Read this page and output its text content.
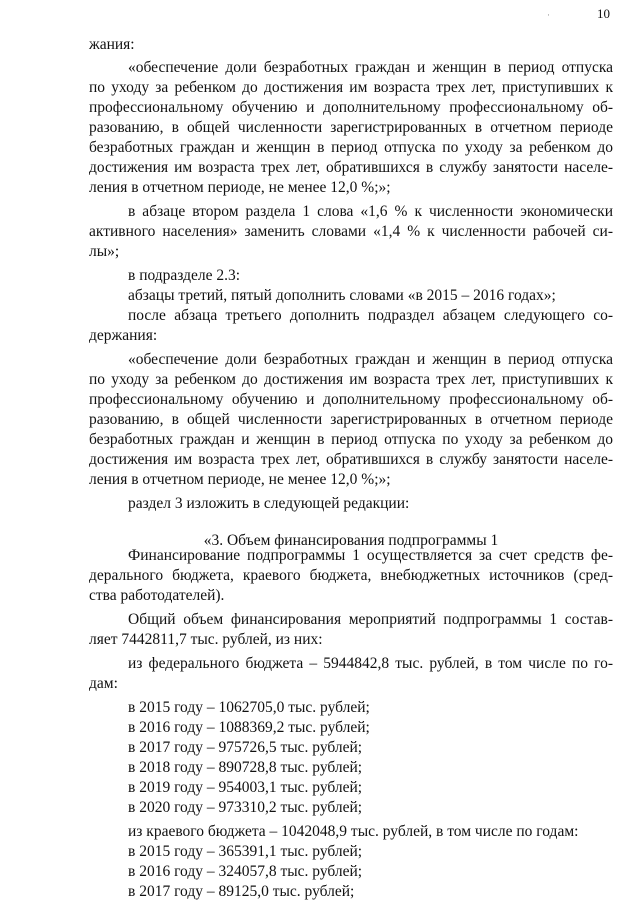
·	10
жания:
«обеспечение доли безработных граждан и женщин в период отпуска
по уходу за ребенком до достижения им возраста трех лет, приступивших к
профессиональному обучению и дополнительному профессиональному об-
разованию, в общей численности зарегистрированных в отчетном периоде
безработных граждан и женщин в период отпуска по уходу за ребенком до
достижения им возраста трех лет, обратившихся в службу занятости населе-
ления в отчетном периоде, не менее 12,0 %;»;
в абзаце втором раздела 1 слова «1,6 % к численности экономически
активного населения» заменить словами «1,4 % к численности рабочей си-
лы»;
в подразделе 2.3:
абзацы третий, пятый дополнить словами «в 2015 – 2016 годах»;
после абзаца третьего дополнить подраздел абзацем следующего со-
держания:
«обеспечение доли безработных граждан и женщин в период отпуска
по уходу за ребенком до достижения им возраста трех лет, приступивших к
профессиональному обучению и дополнительному профессиональному об-
разованию, в общей численности зарегистрированных в отчетном периоде
безработных граждан и женщин в период отпуска по уходу за ребенком до
достижения им возраста трех лет, обратившихся в службу занятости населе-
ления в отчетном периоде, не менее 12,0 %;»;
раздел 3 изложить в следующей редакции:
«3. Объем финансирования подпрограммы 1
Финансирование подпрограммы 1 осуществляется за счет средств фе-
дерального бюджета, краевого бюджета, внебюджетных источников (сред-
ства работодателей).
Общий объем финансирования мероприятий подпрограммы 1 состав-
ляет 7442811,7 тыс. рублей, из них:
из федерального бюджета – 5944842,8 тыс. рублей, в том числе по го-
дам:
в 2015 году – 1062705,0 тыс. рублей;
в 2016 году – 1088369,2 тыс. рублей;
в 2017 году – 975726,5 тыс. рублей;
в 2018 году – 890728,8 тыс. рублей;
в 2019 году – 954003,1 тыс. рублей;
в 2020 году – 973310,2 тыс. рублей;
из краевого бюджета – 1042048,9 тыс. рублей, в том числе по годам:
в 2015 году – 365391,1 тыс. рублей;
в 2016 году – 324057,8 тыс. рублей;
в 2017 году – 89125,0 тыс. рублей;
